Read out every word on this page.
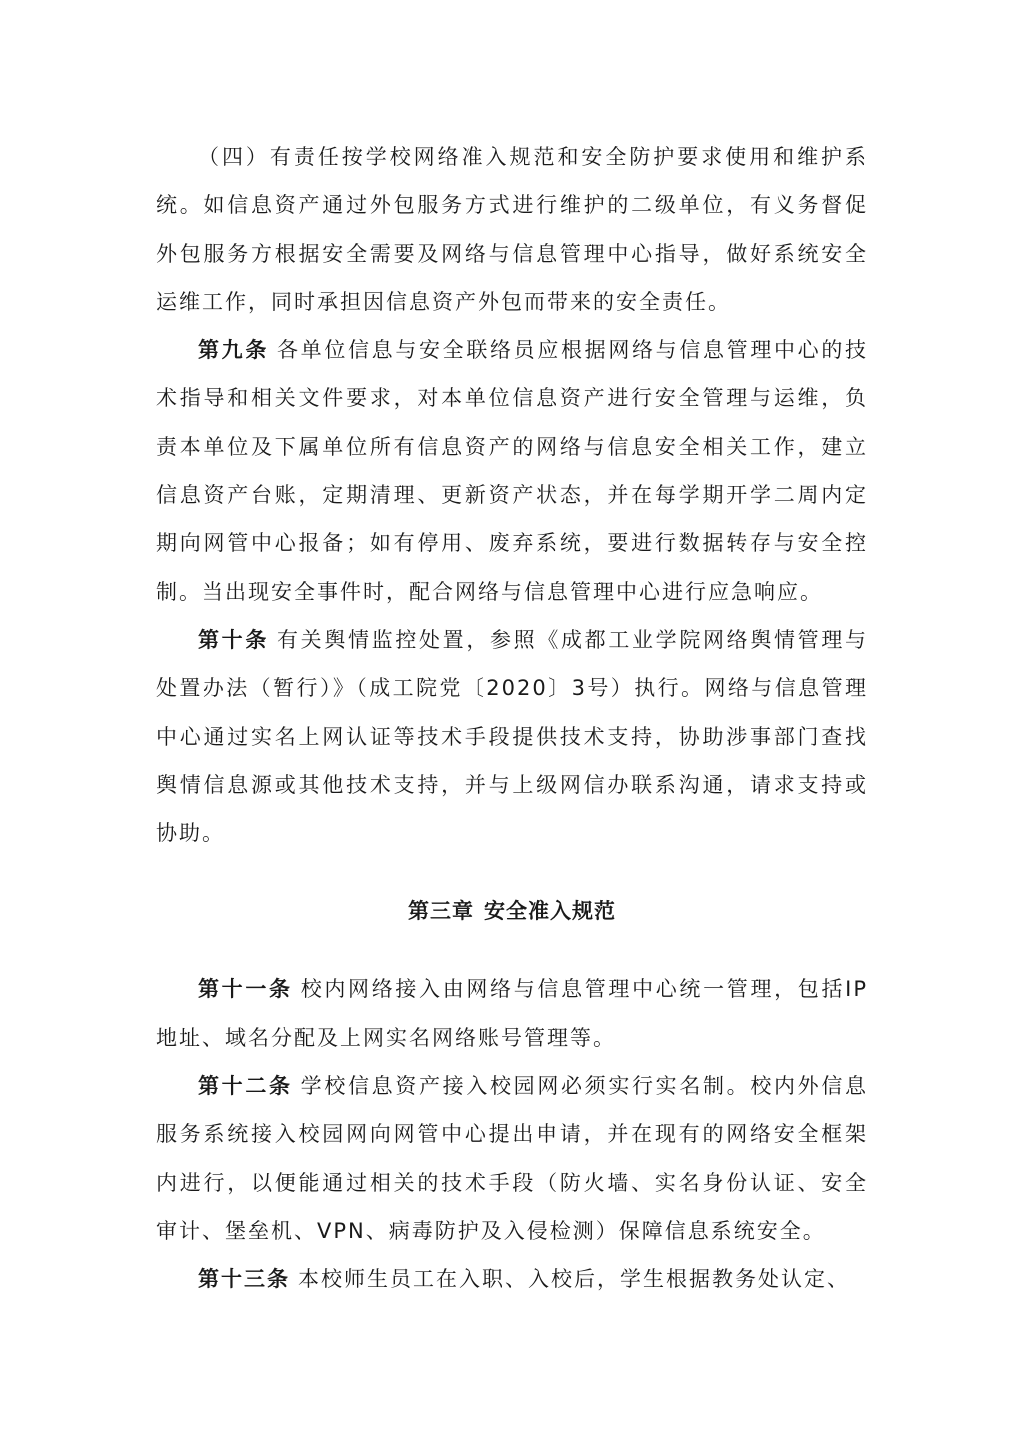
（四）有责任按学校网络准入规范和安全防护要求使用和维护系统。如信息资产通过外包服务方式进行维护的二级单位，有义务督促外包服务方根据安全需要及网络与信息管理中心指导，做好系统安全运维工作，同时承担因信息资产外包而带来的安全责任。

第九条 各单位信息与安全联络员应根据网络与信息管理中心的技术指导和相关文件要求，对本单位信息资产进行安全管理与运维，负责本单位及下属单位所有信息资产的网络与信息安全相关工作，建立信息资产台账，定期清理、更新资产状态，并在每学期开学二周内定期向网管中心报备；如有停用、废弃系统，要进行数据转存与安全控制。当出现安全事件时，配合网络与信息管理中心进行应急响应。

第十条 有关舆情监控处置，参照《成都工业学院网络舆情管理与处置办法（暂行）》（成工院党〔2020〕3号）执行。网络与信息管理中心通过实名上网认证等技术手段提供技术支持，协助涉事部门查找舆情信息源或其他技术支持，并与上级网信办联系沟通，请求支持或协助。

第三章 安全准入规范

第十一条 校内网络接入由网络与信息管理中心统一管理，包括IP地址、域名分配及上网实名网络账号管理等。

第十二条 学校信息资产接入校园网必须实行实名制。校内外信息服务系统接入校园网向网管中心提出申请，并在现有的网络安全框架内进行，以便能通过相关的技术手段（防火墙、实名身份认证、安全审计、堡垒机、VPN、病毒防护及入侵检测）保障信息系统安全。

第十三条 本校师生员工在入职、入校后，学生根据教务处认定、
